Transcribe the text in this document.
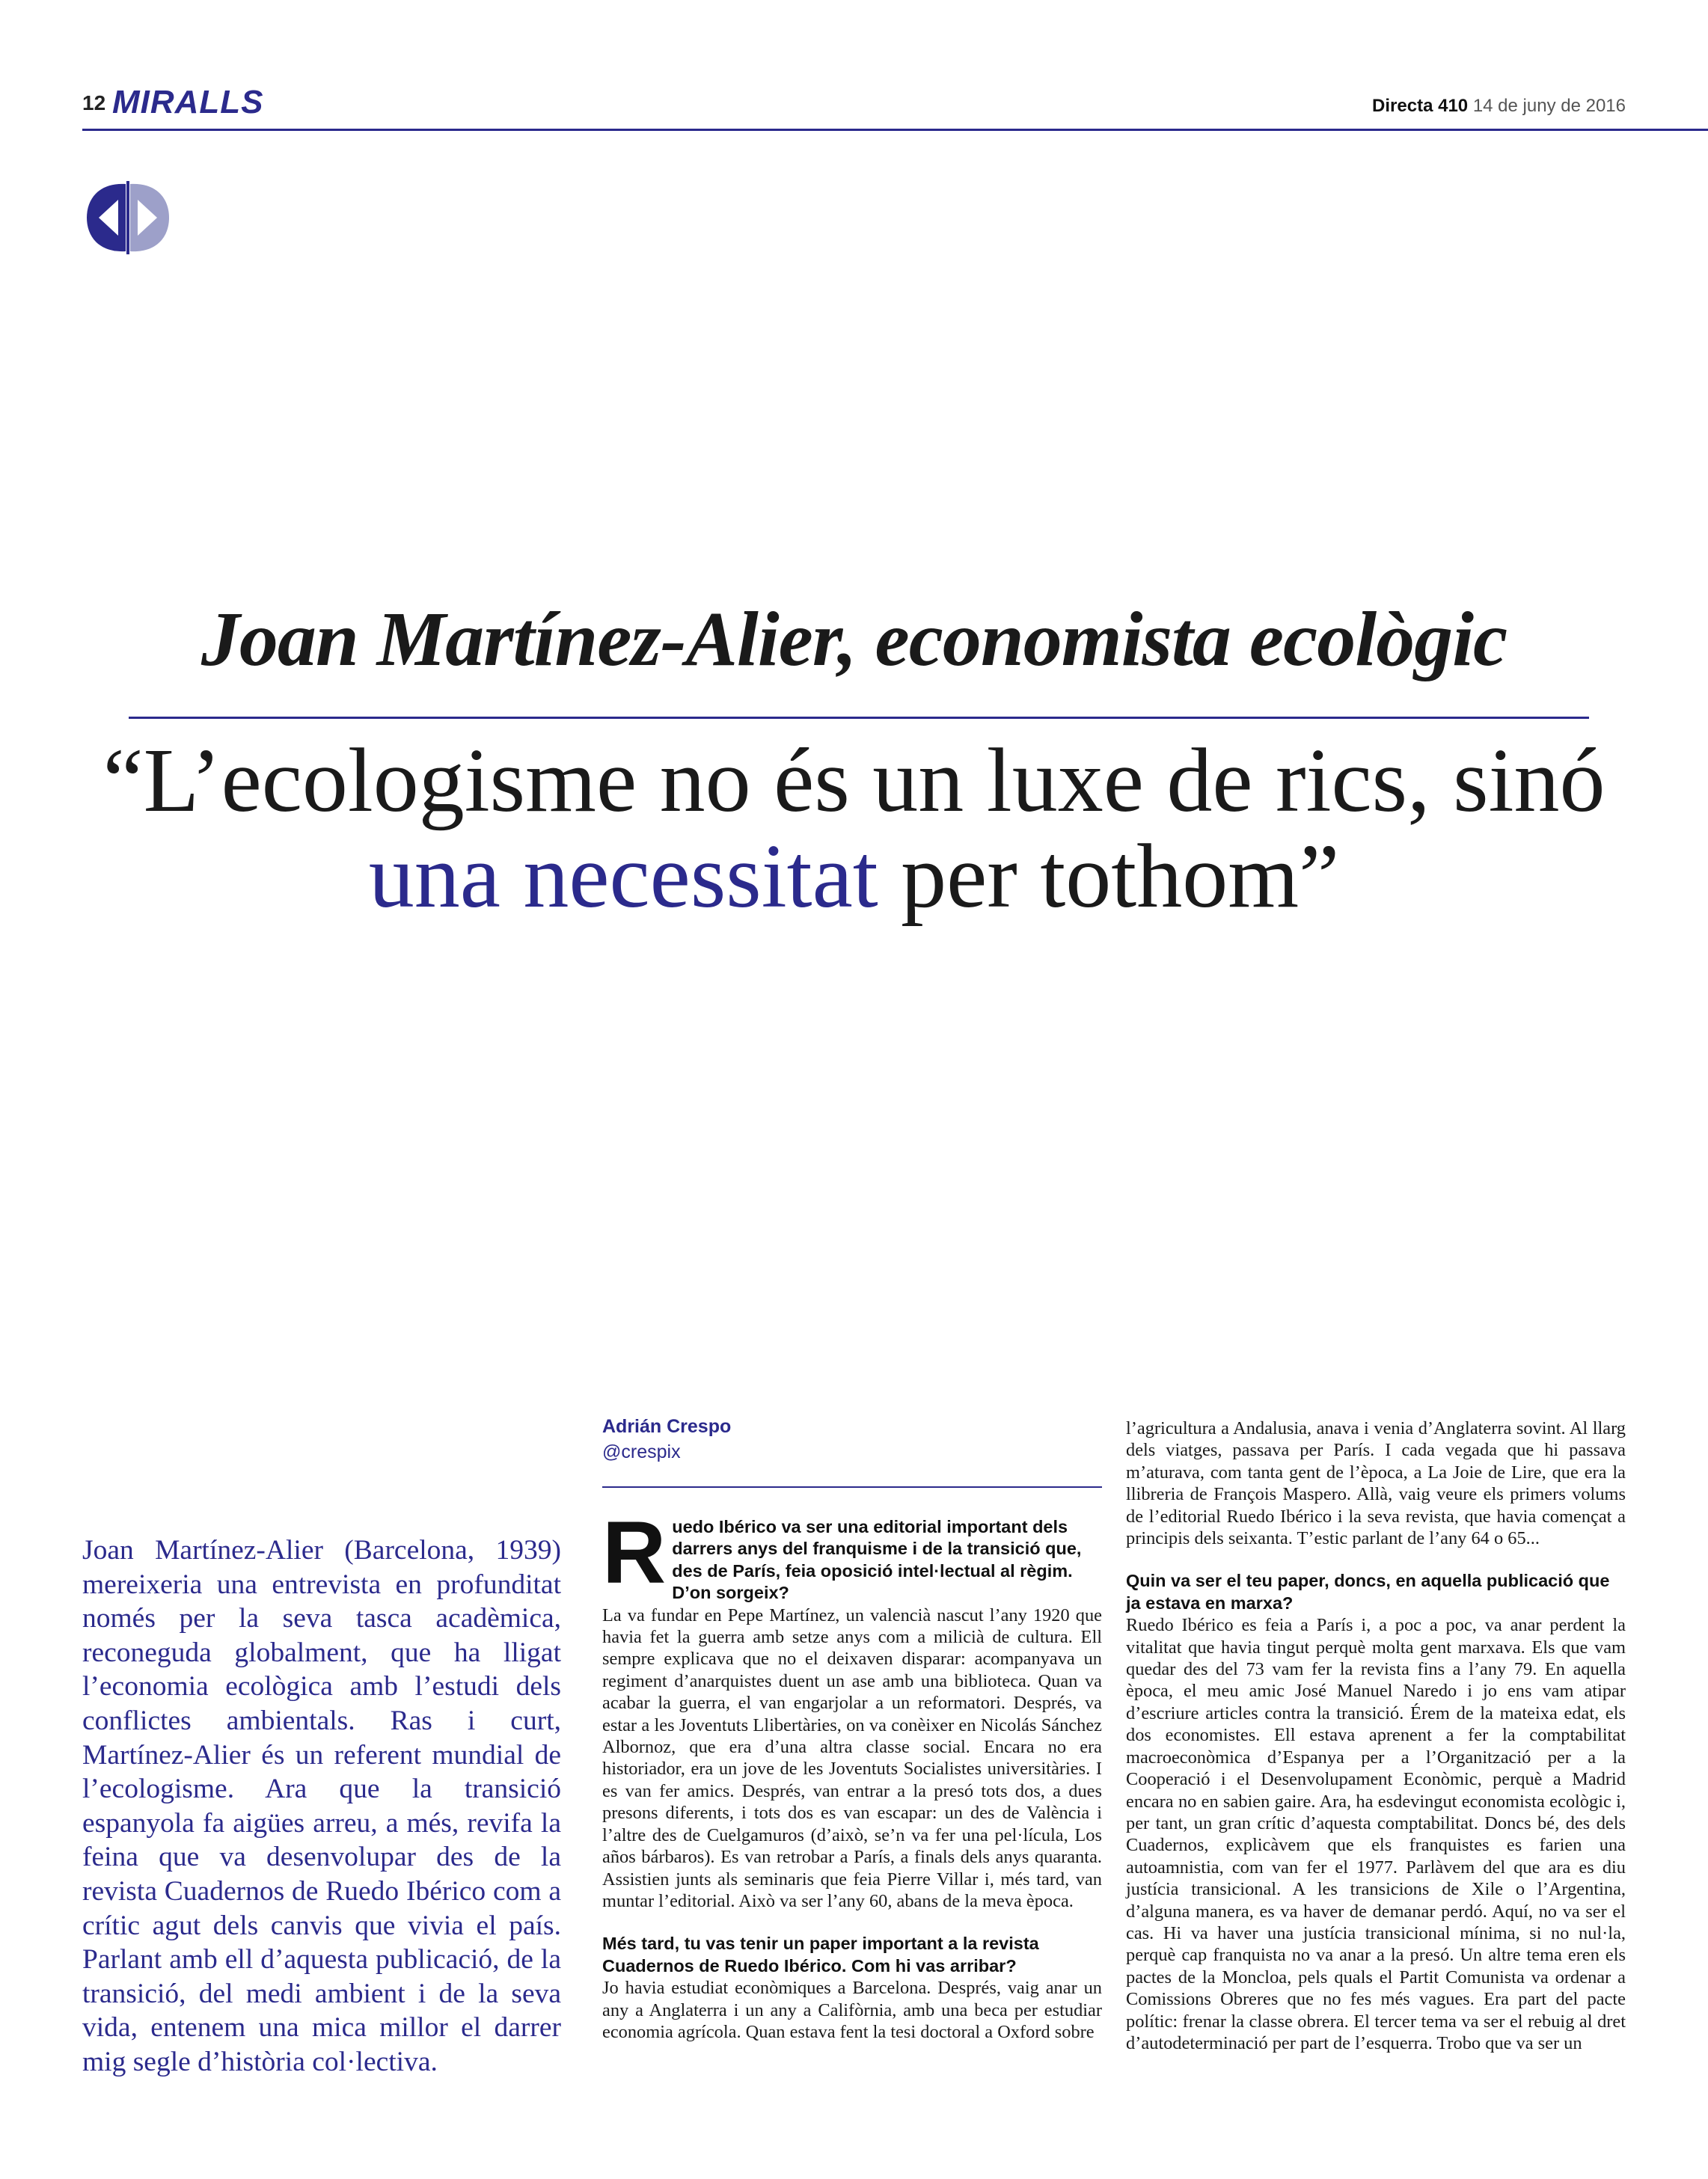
12 MIRALLS	Directa 410 14 de juny de 2016
Joan Martínez-Alier, economista ecològic
“L’ecologisme no és un luxe de rics, sinó una necessitat per tothom”
Joan Martínez-Alier (Barcelona, 1939) mereixeria una entrevista en profunditat només per la seva tasca acadèmica, reconeguda globalment, que ha lligat l’economia ecològica amb l’estudi dels conflictes ambientals. Ras i curt, Martínez-Alier és un referent mundial de l’ecologisme. Ara que la transició espanyola fa aigües arreu, a més, revifa la feina que va desenvolupar des de la revista Cuadernos de Ruedo Ibérico com a crític agut dels canvis que vivia el país. Parlant amb ell d’aquesta publicació, de la transició, del medi ambient i de la seva vida, entenem una mica millor el darrer mig segle d’història col·lectiva.
Adrián Crespo
@crespix

Ruedo Ibérico va ser una editorial important dels darrers anys del franquisme i de la transició que, des de París, feia oposició intel·lectual al règim. D’on sorgeix?

La va fundar en Pepe Martínez, un valencià nascut l’any 1920 que havia fet la guerra amb setze anys com a milicià de cultura. Ell sempre explicava que no el deixaven disparar: acompanyava un regiment d’anarquistes duent un ase amb una biblioteca. Quan va acabar la guerra, el van engarjolar a un reformatori. Després, va estar a les Joventuts Llibertàries, on va conèixer en Nicolás Sánchez Albornoz, que era d’una altra classe social. Encara no era historiador, era un jove de les Joventuts Socialistes universitàries. I es van fer amics. Després, van entrar a la presó tots dos, a dues presons diferents, i tots dos es van escapar: un des de València i l’altre des de Cuelgamuros (d’això, se’n va fer una pel·lícula, Los años bárbaros). Es van retrobar a París, a finals dels anys quaranta. Assistien junts als seminaris que feia Pierre Villar i, més tard, van muntar l’editorial. Això va ser l’any 60, abans de la meva època.

Més tard, tu vas tenir un paper important a la revista Cuadernos de Ruedo Ibérico. Com hi vas arribar?

Jo havia estudiat econòmiques a Barcelona. Després, vaig anar un any a Anglaterra i un any a Califòrnia, amb una beca per estudiar economia agrícola. Quan estava fent la tesi doctoral a Oxford sobre

l’agricultura a Andalusia, anava i venia d’Anglaterra sovint. Al llarg dels viatges, passava per París. I cada vegada que hi passava m’aturava, com tanta gent de l’època, a La Joie de Lire, que era la llibreria de François Maspero. Allà, vaig veure els primers volums de l’editorial Ruedo Ibérico i la seva revista, que havia començat a principis dels seixanta. T’estic parlant de l’any 64 o 65...

Quin va ser el teu paper, doncs, en aquella publicació que ja estava en marxa?

Ruedo Ibérico es feia a París i, a poc a poc, va anar perdent la vitalitat que havia tingut perquè molta gent marxava. Els que vam quedar des del 73 vam fer la revista fins a l’any 79. En aquella època, el meu amic José Manuel Naredo i jo ens vam atipar d’escriure articles contra la transició. Érem de la mateixa edat, els dos economistes. Ell estava aprenent a fer la comptabilitat macroeconòmica d’Espanya per a l’Organització per a la Cooperació i el Desenvolupament Econòmic, perquè a Madrid encara no en sabien gaire. Ara, ha esdevingut economista ecològic i, per tant, un gran crític d’aquesta comptabilitat. Doncs bé, des dels Cuadernos, explicàvem que els franquistes es farien una autoamnistia, com van fer el 1977. Parlàvem del que ara es diu justícia transicional. A les transicions de Xile o l’Argentina, d’alguna manera, es va haver de demanar perdó. Aquí, no va ser el cas. Hi va haver una justícia transicional mínima, si no nul·la, perquè cap franquista no va anar a la presó. Un altre tema eren els pactes de la Moncloa, pels quals el Partit Comunista va ordenar a Comissions Obreres que no fes més vagues. Era part del pacte polític: frenar la classe obrera. El tercer tema va ser el rebuig al dret d’autodeterminació per part de l’esquerra. Trobo que va ser un
